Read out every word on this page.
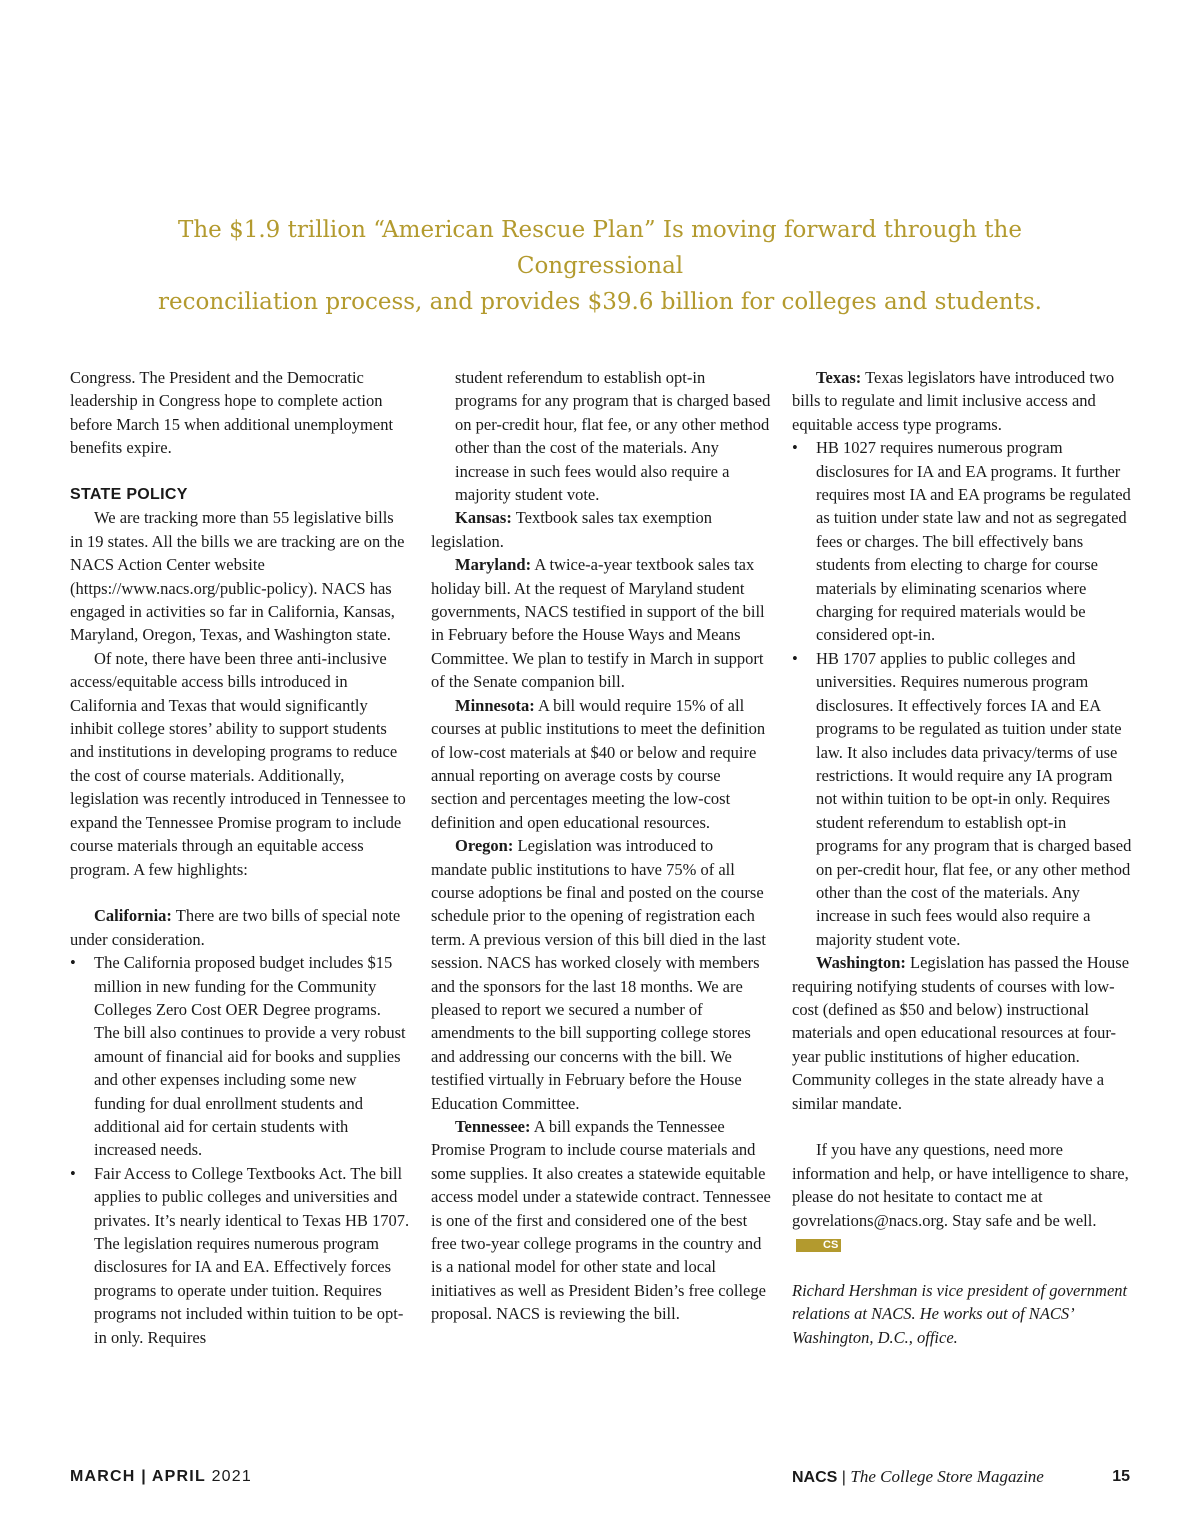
The $1.9 trillion “American Rescue Plan” Is moving forward through the Congressional

reconciliation process, and provides $39.6 billion for colleges and students.

Congress. The President and the Democratic leadership in Congress hope to complete action before March 15 when additional unemployment benefits expire.

STATE POLICY

We are tracking more than 55 legislative bills in 19 states. All the bills we are tracking are on the NACS Action Center website (https://www.nacs.org/public-policy). NACS has engaged in activities so far in California, Kansas, Maryland, Oregon, Texas, and Washington state.

Of note, there have been three anti-inclusive access/equitable access bills introduced in California and Texas that would significantly inhibit college stores’ ability to support students and institutions in developing programs to reduce the cost of course materials. Additionally, legislation was recently introduced in Tennessee to expand the Tennessee Promise program to include course materials through an equitable access program. A few highlights:

California: There are two bills of special note under consideration.

• The California proposed budget includes $15 million in new funding for the Community Colleges Zero Cost OER Degree programs. The bill also continues to provide a very robust amount of financial aid for books and supplies and other expenses including some new funding for dual enrollment students and additional aid for certain students with increased needs.
• Fair Access to College Textbooks Act. The bill applies to public colleges and universities and privates. It’s nearly identical to Texas HB 1707. The legislation requires numerous program disclosures for IA and EA. Effectively forces programs to operate under tuition. Requires programs not included within tuition to be opt-in only. Requires

student referendum to establish opt-in programs for any program that is charged based on per-credit hour, flat fee, or any other method other than the cost of the materials. Any increase in such fees would also require a majority student vote.

Kansas: Textbook sales tax exemption legislation.

Maryland: A twice-a-year textbook sales tax holiday bill. At the request of Maryland student governments, NACS testified in support of the bill in February before the House Ways and Means Committee. We plan to testify in March in support of the Senate companion bill.

Minnesota: A bill would require 15% of all courses at public institutions to meet the definition of low-cost materials at $40 or below and require annual reporting on average costs by course section and percentages meeting the low-cost definition and open educational resources.

Oregon: Legislation was introduced to mandate public institutions to have 75% of all course adoptions be final and posted on the course schedule prior to the opening of registration each term. A previous version of this bill died in the last session. NACS has worked closely with members and the sponsors for the last 18 months. We are pleased to report we secured a number of amendments to the bill supporting college stores and addressing our concerns with the bill. We testified virtually in February before the House Education Committee.

Tennessee: A bill expands the Tennessee Promise Program to include course materials and some supplies. It also creates a statewide equitable access model under a statewide contract. Tennessee is one of the first and considered one of the best free two-year college programs in the country and is a national model for other state and local initiatives as well as President Biden’s free college proposal. NACS is reviewing the bill.

Texas: Texas legislators have introduced two bills to regulate and limit inclusive access and equitable access type programs.

• HB 1027 requires numerous program disclosures for IA and EA programs. It further requires most IA and EA programs be regulated as tuition under state law and not as segregated fees or charges. The bill effectively bans students from electing to charge for course materials by eliminating scenarios where charging for required materials would be considered opt-in.
• HB 1707 applies to public colleges and universities. Requires numerous program disclosures. It effectively forces IA and EA programs to be regulated as tuition under state law. It also includes data privacy/terms of use restrictions. It would require any IA program not within tuition to be opt-in only. Requires student referendum to establish opt-in programs for any program that is charged based on per-credit hour, flat fee, or any other method other than the cost of the materials. Any increase in such fees would also require a majority student vote.

Washington: Legislation has passed the House requiring notifying students of courses with low-cost (defined as $50 and below) instructional materials and open educational resources at four-year public institutions of higher education. Community colleges in the state already have a similar mandate.

If you have any questions, need more information and help, or have intelligence to share, please do not hesitate to contact me at govrelations@nacs.org. Stay safe and be well.CS

Richard Hershman is vice president of government relations at NACS. He works out of NACS’ Washington, D.C., office.

MARCH | APRIL 2021	NACS | The College Store Magazine	15
